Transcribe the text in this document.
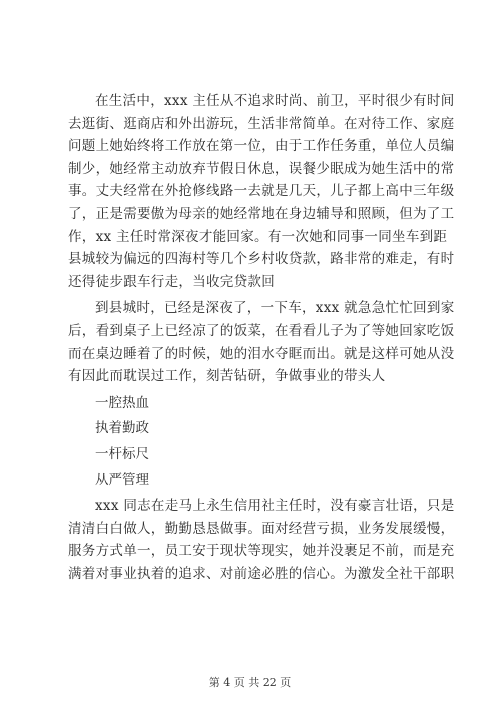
在生活中，xxx 主任从不追求时尚、前卫，平时很少有时间
去逛街、逛商店和外出游玩，生活非常简单。在对待工作、家庭
问题上她始终将工作放在第一位，由于工作任务重，单位人员编
制少，她经常主动放弃节假日休息，误餐少眠成为她生活中的常
事。丈夫经常在外抢修线路一去就是几天，儿子都上高中三年级
了，正是需要傲为母亲的她经常地在身边辅导和照顾，但为了工
作，xx 主任时常深夜才能回家。有一次她和同事一同坐车到距
县城较为偏远的四海村等几个乡村收贷款，路非常的难走，有时
还得徒步跟车行走，当收完贷款回

到县城时，已经是深夜了，一下车，xxx 就急急忙忙回到家
后，看到桌子上已经凉了的饭菜，在看看儿子为了等她回家吃饭
而在桌边睡着了的时候，她的泪水夺眶而出。就是这样可她从没
有因此而耽误过工作，刻苦钻研，争做事业的带头人

一腔热血

执着勤政

一杆标尺

从严管理

xxx 同志在走马上永生信用社主任时，没有豪言壮语，只是
清清白白做人，勤勤恳恳做事。面对经营亏损，业务发展缓慢，
服务方式单一，员工安于现状等现实，她并没裹足不前，而是充
满着对事业执着的追求、对前途必胜的信心。为激发全社干部职

第 4 页 共 22 页
